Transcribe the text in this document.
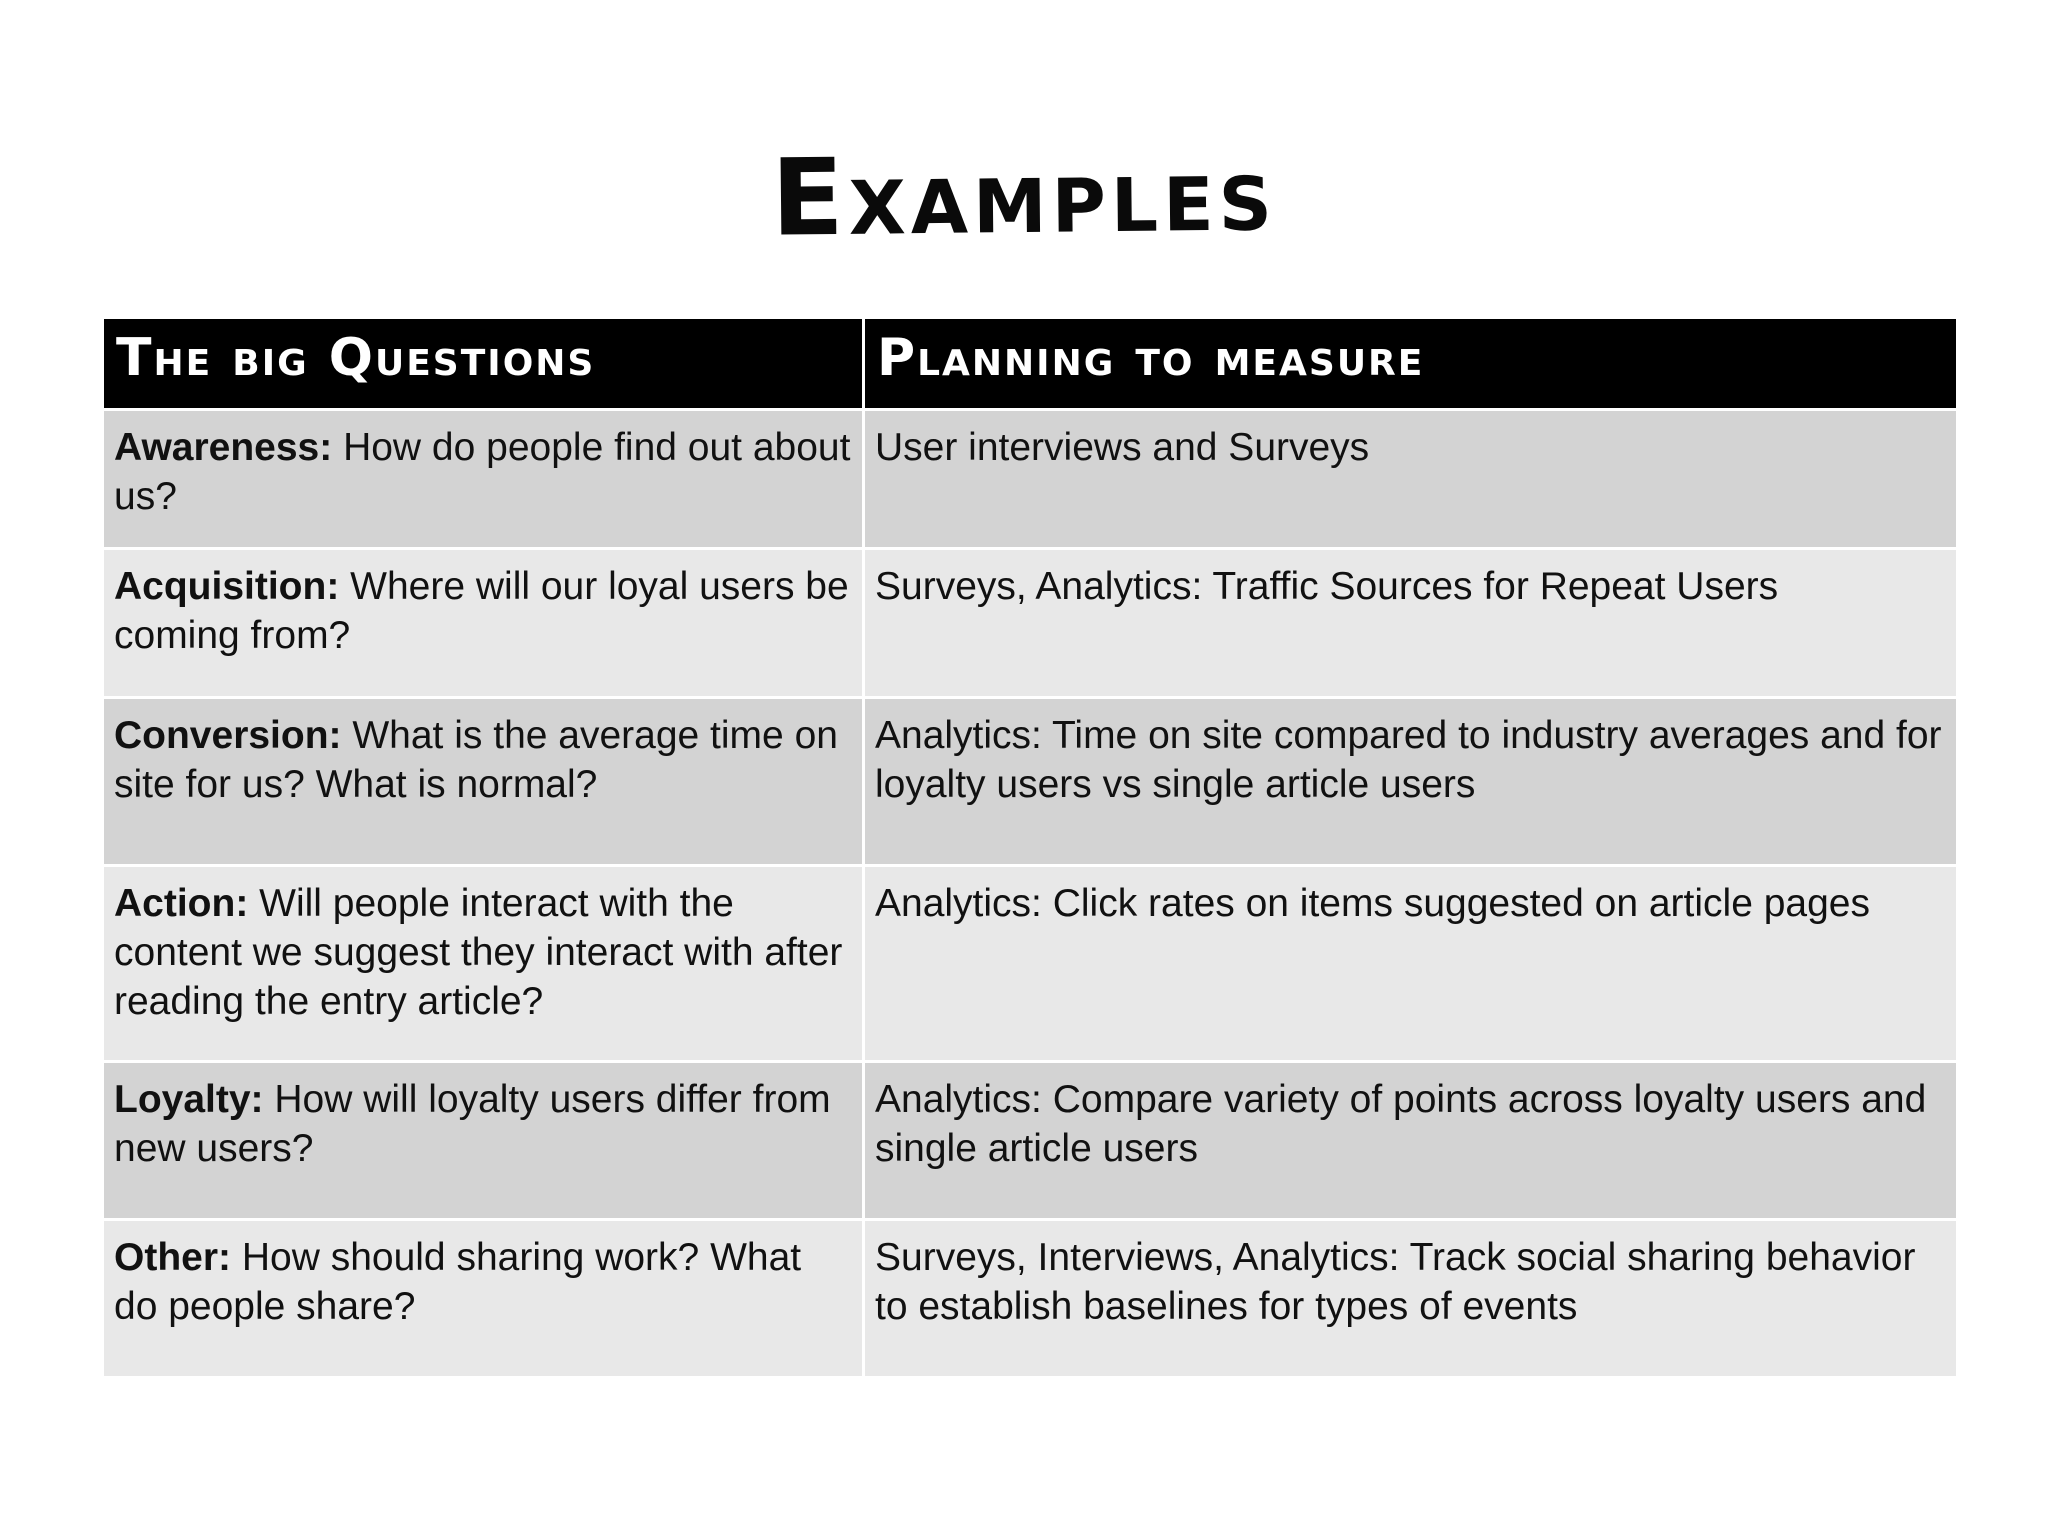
Examples
The big Questions	Planning to measure
Awareness: How do people find out about us?
User interviews and Surveys
Acquisition: Where will our loyal users be coming from?
Surveys, Analytics: Traffic Sources for Repeat Users
Conversion: What is the average time on site for us? What is normal?
Analytics: Time on site compared to industry averages and for loyalty users vs single article users
Action: Will people interact with the content we suggest they interact with after reading the entry article?
Analytics: Click rates on items suggested on article pages
Loyalty: How will loyalty users differ from new users?
Analytics: Compare variety of points across loyalty users and single article users
Other: How should sharing work? What do people share?
Surveys, Interviews, Analytics: Track social sharing behavior to establish baselines for types of events
